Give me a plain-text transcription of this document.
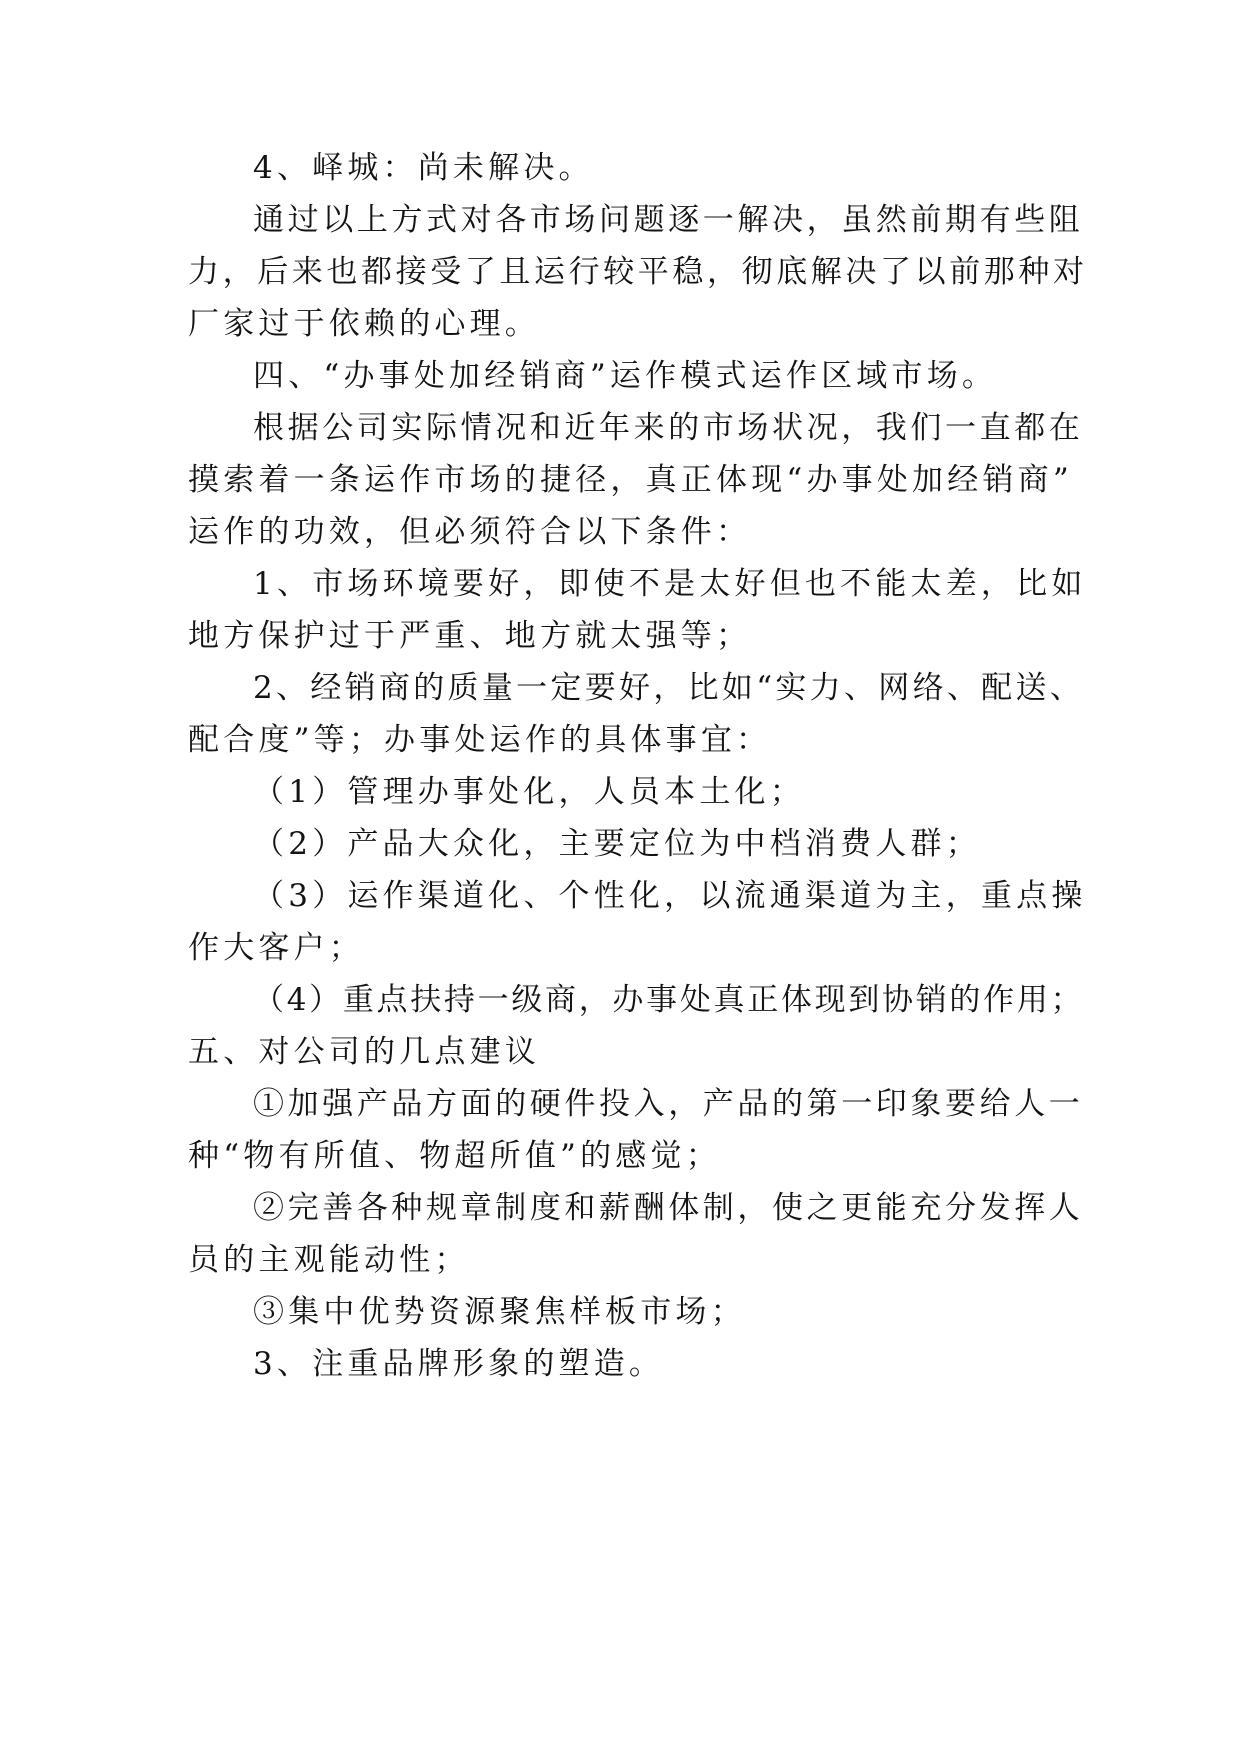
4、峄城：尚未解决。
通过以上方式对各市场问题逐一解决，虽然前期有些阻
力，后来也都接受了且运行较平稳，彻底解决了以前那种对
厂家过于依赖的心理。
四、“办事处加经销商”运作模式运作区域市场。
根据公司实际情况和近年来的市场状况，我们一直都在
摸索着一条运作市场的捷径，真正体现“办事处加经销商”
运作的功效，但必须符合以下条件：
1、市场环境要好，即使不是太好但也不能太差，比如
地方保护过于严重、地方就太强等；
2、经销商的质量一定要好，比如“实力、网络、配送、
配合度”等；办事处运作的具体事宜：
（1）管理办事处化，人员本土化；
（2）产品大众化，主要定位为中档消费人群；
（3）运作渠道化、个性化，以流通渠道为主，重点操
作大客户；
（4）重点扶持一级商，办事处真正体现到协销的作用；
五、对公司的几点建议
①加强产品方面的硬件投入，产品的第一印象要给人一
种“物有所值、物超所值”的感觉；
②完善各种规章制度和薪酬体制，使之更能充分发挥人
员的主观能动性；
③集中优势资源聚焦样板市场；
3、注重品牌形象的塑造。
